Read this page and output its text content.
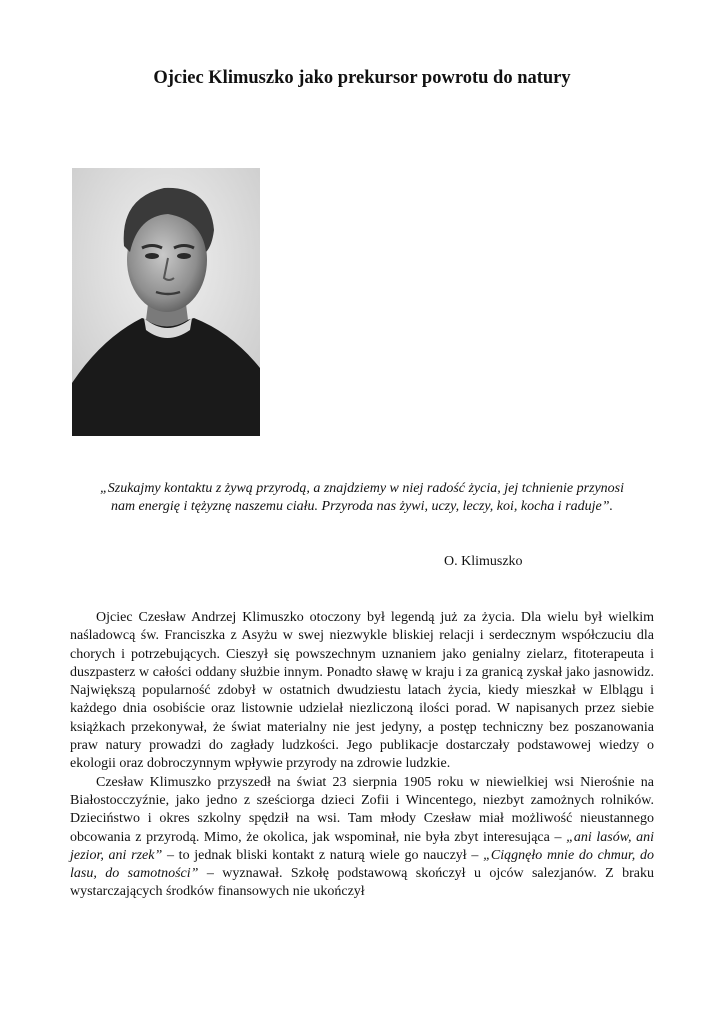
Ojciec Klimuszko jako prekursor powrotu do natury
„Szukajmy kontaktu z żywą przyrodą, a znajdziemy w niej radość życia, jej tchnienie przynosi nam energię i tężyznę naszemu ciału. Przyroda nas żywi, uczy, leczy, koi, kocha i raduje”.
O. Klimuszko

Ojciec Czesław Andrzej Klimuszko otoczony był legendą już za życia. Dla wielu był wielkim naśladowcą św. Franciszka z Asyżu w swej niezwykle bliskiej relacji i serdecznym współczuciu dla chorych i potrzebujących. Cieszył się powszechnym uznaniem jako genialny zielarz, fitoterapeuta i duszpasterz w całości oddany służbie innym. Ponadto sławę w kraju i za granicą zyskał jako jasnowidz. Największą popularność zdobył w ostatnich dwudziestu latach życia, kiedy mieszkał w Elblągu i każdego dnia osobiście oraz listownie udzielał niezliczoną ilości porad. W napisanych przez siebie książkach przekonywał, że świat materialny nie jest jedyny, a postęp techniczny bez poszanowania praw natury prowadzi do zagłady ludzkości. Jego publikacje dostarczały podstawowej wiedzy o ekologii oraz dobroczynnym wpływie przyrody na zdrowie ludzkie.

Czesław Klimuszko przyszedł na świat 23 sierpnia 1905 roku w niewielkiej wsi Nierośnie na Białostocczyźnie, jako jedno z sześciorga dzieci Zofii i Wincentego, niezbyt zamożnych rolników. Dzieciństwo i okres szkolny spędził na wsi. Tam młody Czesław miał możliwość nieustannego obcowania z przyrodą. Mimo, że okolica, jak wspominał, nie była zbyt interesująca – „ani lasów, ani jezior, ani rzek” – to jednak bliski kontakt z naturą wiele go nauczył – „Ciągnęło mnie do chmur, do lasu, do samotności” – wyznawał. Szkołę podstawową skończył u ojców salezjanów. Z braku wystarczających środków finansowych nie ukończył
